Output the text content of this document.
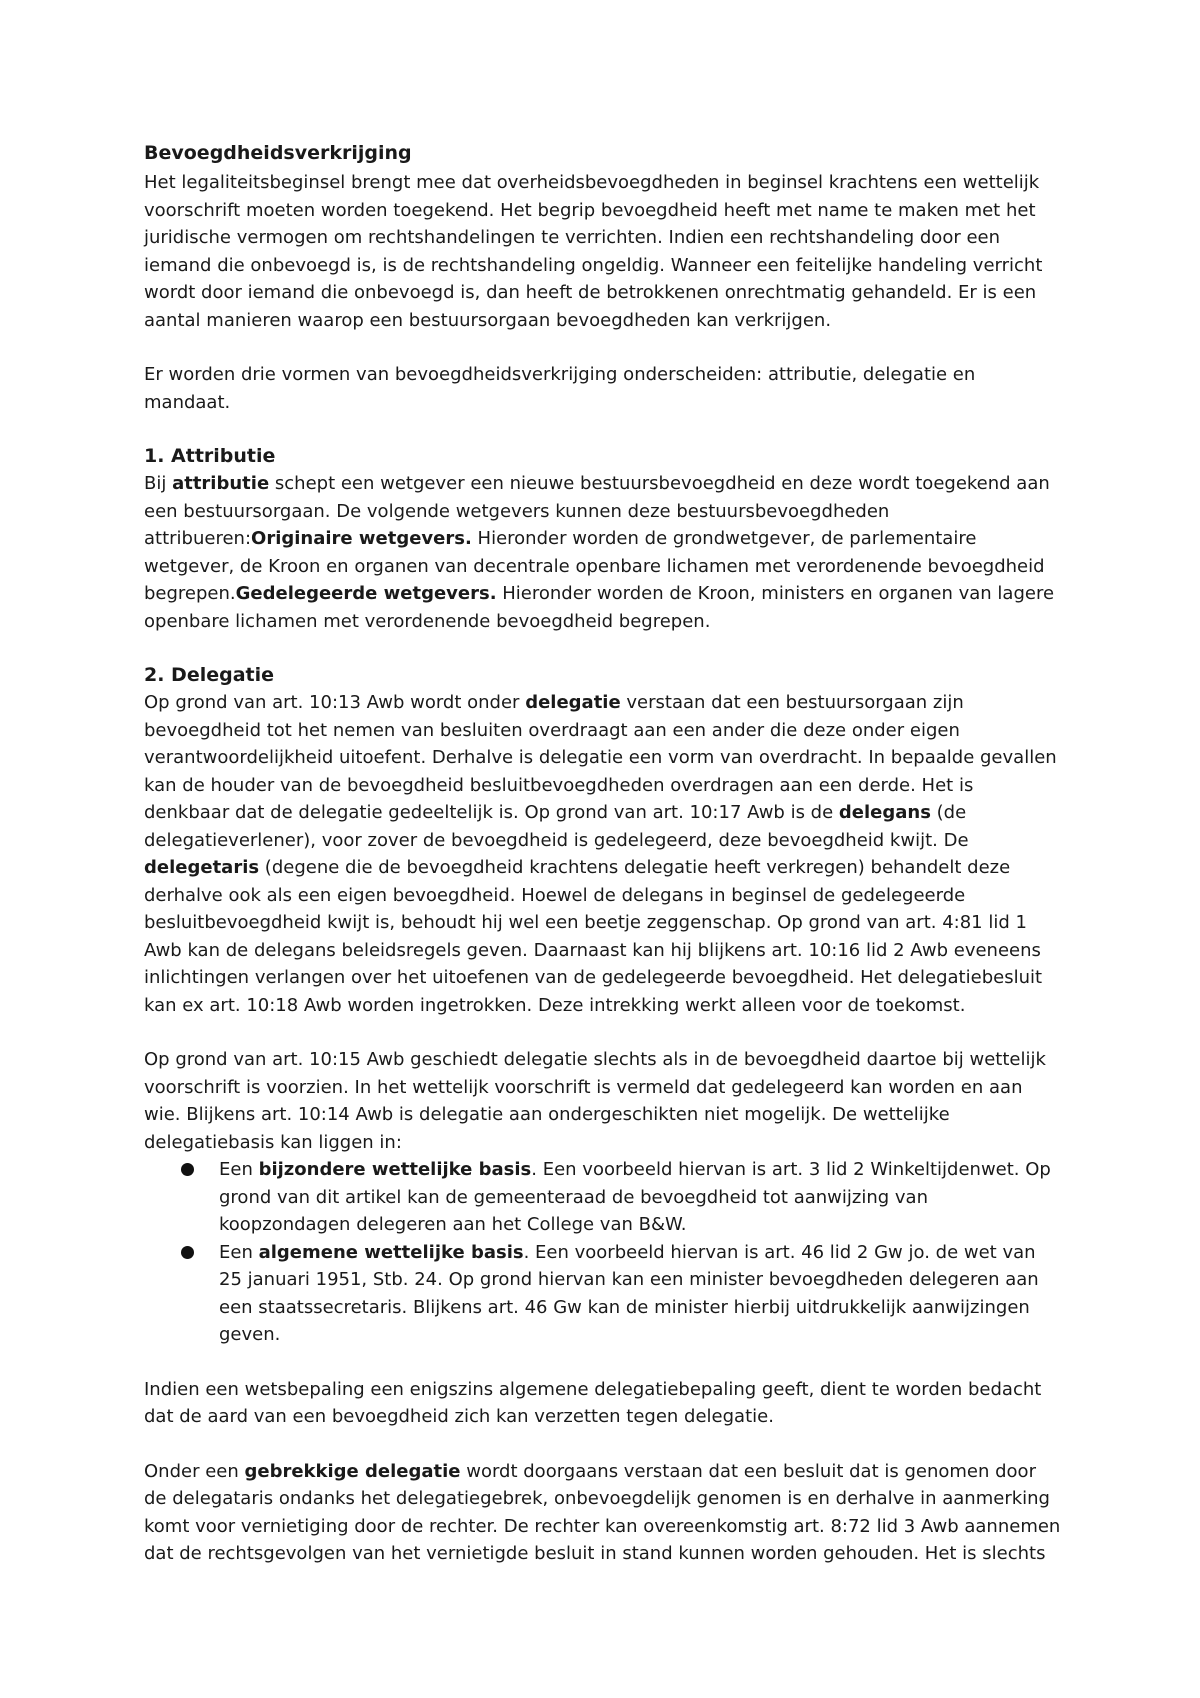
Bevoegdheidsverkrijging

Het legaliteitsbeginsel brengt mee dat overheidsbevoegdheden in beginsel krachtens een wettelijk voorschrift moeten worden toegekend. Het begrip bevoegdheid heeft met name te maken met het juridische vermogen om rechtshandelingen te verrichten. Indien een rechtshandeling door een iemand die onbevoegd is, is de rechtshandeling ongeldig. Wanneer een feitelijke handeling verricht wordt door iemand die onbevoegd is, dan heeft de betrokkenen onrechtmatig gehandeld. Er is een aantal manieren waarop een bestuursorgaan bevoegdheden kan verkrijgen.

Er worden drie vormen van bevoegdheidsverkrijging onderscheiden: attributie, delegatie en mandaat.

1. Attributie

Bij attributie schept een wetgever een nieuwe bestuursbevoegdheid en deze wordt toegekend aan een bestuursorgaan. De volgende wetgevers kunnen deze bestuursbevoegdheden attribueren:Originaire wetgevers. Hieronder worden de grondwetgever, de parlementaire wetgever, de Kroon en organen van decentrale openbare lichamen met verordenende bevoegdheid begrepen.Gedelegeerde wetgevers. Hieronder worden de Kroon, ministers en organen van lagere openbare lichamen met verordenende bevoegdheid begrepen.

2. Delegatie

Op grond van art. 10:13 Awb wordt onder delegatie verstaan dat een bestuursorgaan zijn bevoegdheid tot het nemen van besluiten overdraagt aan een ander die deze onder eigen verantwoordelijkheid uitoefent. Derhalve is delegatie een vorm van overdracht. In bepaalde gevallen kan de houder van de bevoegdheid besluitbevoegdheden overdragen aan een derde. Het is denkbaar dat de delegatie gedeeltelijk is. Op grond van art. 10:17 Awb is de delegans (de delegatieverlener), voor zover de bevoegdheid is gedelegeerd, deze bevoegdheid kwijt. De delegetaris (degene die de bevoegdheid krachtens delegatie heeft verkregen) behandelt deze derhalve ook als een eigen bevoegdheid. Hoewel de delegans in beginsel de gedelegeerde besluitbevoegdheid kwijt is, behoudt hij wel een beetje zeggenschap. Op grond van art. 4:81 lid 1 Awb kan de delegans beleidsregels geven. Daarnaast kan hij blijkens art. 10:16 lid 2 Awb eveneens inlichtingen verlangen over het uitoefenen van de gedelegeerde bevoegdheid. Het delegatiebesluit kan ex art. 10:18 Awb worden ingetrokken. Deze intrekking werkt alleen voor de toekomst.

Op grond van art. 10:15 Awb geschiedt delegatie slechts als in de bevoegdheid daartoe bij wettelijk voorschrift is voorzien. In het wettelijk voorschrift is vermeld dat gedelegeerd kan worden en aan wie. Blijkens art. 10:14 Awb is delegatie aan ondergeschikten niet mogelijk. De wettelijke delegatiebasis kan liggen in:

Een bijzondere wettelijke basis. Een voorbeeld hiervan is art. 3 lid 2 Winkeltijdenwet. Op grond van dit artikel kan de gemeenteraad de bevoegdheid tot aanwijzing van koopzondagen delegeren aan het College van B&W.
Een algemene wettelijke basis. Een voorbeeld hiervan is art. 46 lid 2 Gw jo. de wet van 25 januari 1951, Stb. 24. Op grond hiervan kan een minister bevoegdheden delegeren aan een staatssecretaris. Blijkens art. 46 Gw kan de minister hierbij uitdrukkelijk aanwijzingen geven.

Indien een wetsbepaling een enigszins algemene delegatiebepaling geeft, dient te worden bedacht dat de aard van een bevoegdheid zich kan verzetten tegen delegatie.

Onder een gebrekkige delegatie wordt doorgaans verstaan dat een besluit dat is genomen door de delegataris ondanks het delegatiegebrek, onbevoegdelijk genomen is en derhalve in aanmerking komt voor vernietiging door de rechter. De rechter kan overeenkomstig art. 8:72 lid 3 Awb aannemen dat de rechtsgevolgen van het vernietigde besluit in stand kunnen worden gehouden. Het is slechts
